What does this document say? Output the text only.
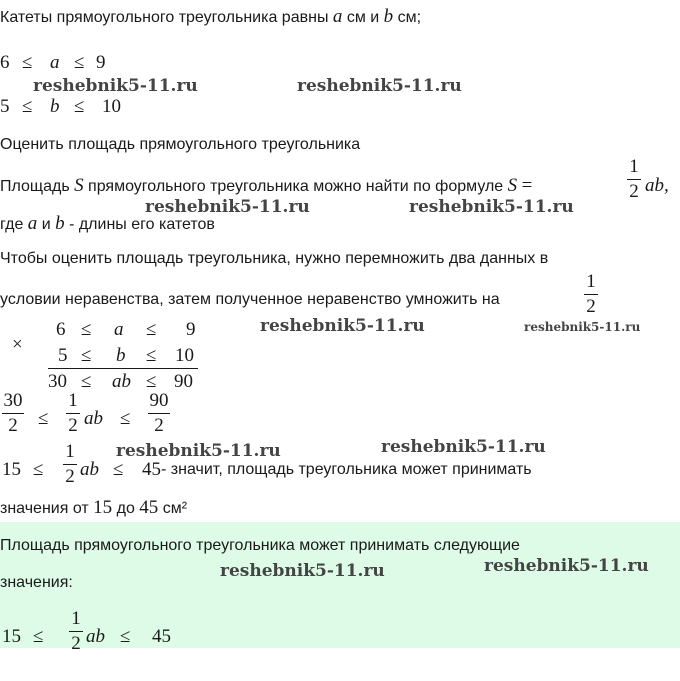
Катеты прямоугольного треугольника равны a см и b см;
6 ≤ a ≤ 9
5 ≤ b ≤ 10
Оценить площадь прямоугольного треугольника
Площадь S прямоугольного треугольника можно найти по формуле S =
1
2 ab,
где a и b - длины его катетов
Чтобы оценить площадь треугольника, нужно перемножить два данных в
условии неравенства, затем полученное неравенство умножить на
1
2
×
6 ≤ a ≤ 9
5 ≤ b ≤ 10
30 ≤ ab ≤ 90
30
2	≤
1
2 ab ≤
90
2
15 ≤
1
2 ab ≤ 45 - значит, площадь треугольника может принимать
значения от 15 до 45 см²
Площадь прямоугольного треугольника может принимать следующие
значения:
15 ≤
1
2 ab ≤ 45
reshebnik5-11.ru	reshebnik5-11.ru
reshebnik5-11.ru	reshebnik5-11.ru
reshebnik5-11.ru	reshebnik5-11.ru
reshebnik5-11.ru	reshebnik5-11.ru
reshebnik5-11.ru	reshebnik5-11.ru
